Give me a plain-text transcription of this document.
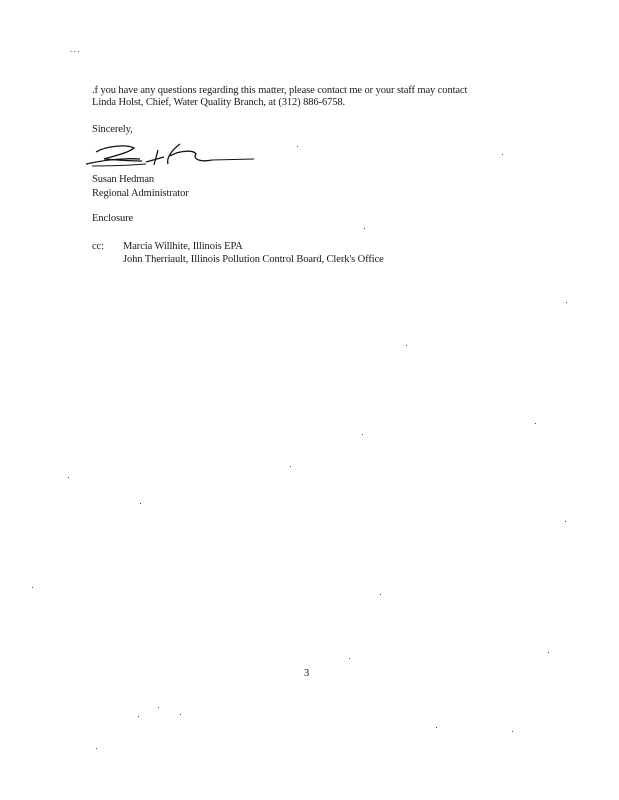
. . .
.f you have any questions regarding this matter, please contact me or your staff may contact
Linda Holst, Chief, Water Quality Branch, at (312) 886-6758.
Sincerely,
Susan Hedman
Regional Administrator
Enclosure
cc: Marcia Willhite, Illinois EPA
John Therriault, Illinois Pollution Control Board, Clerk's Office
3
